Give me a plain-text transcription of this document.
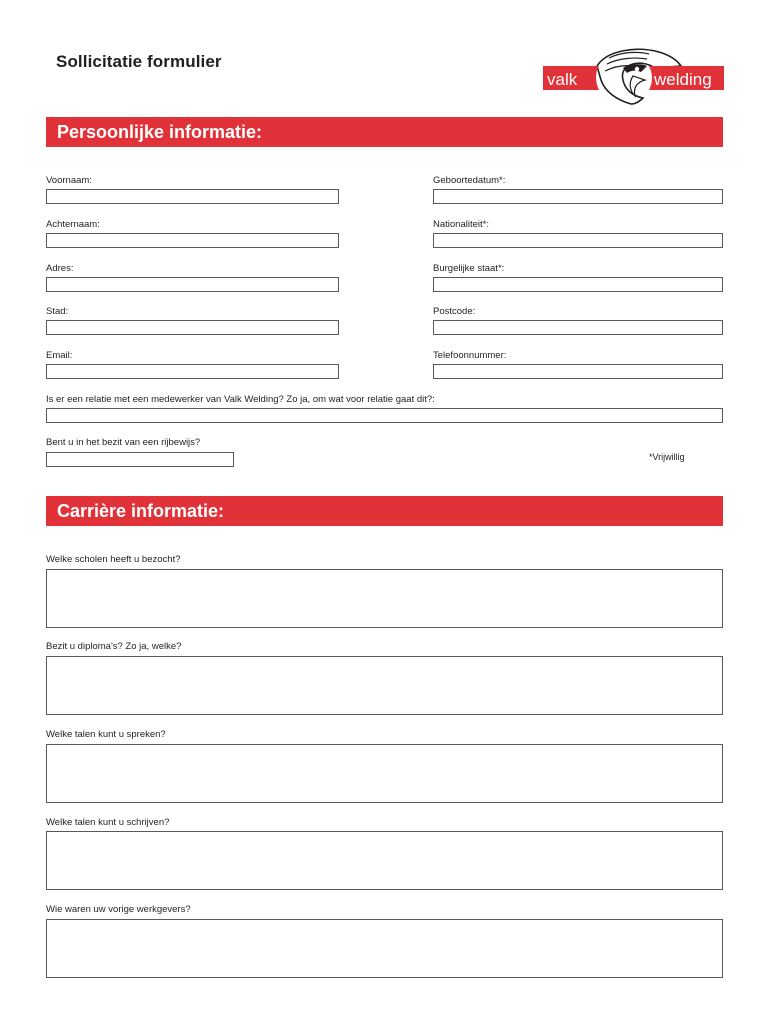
Sollicitatie formulier
valk	welding
Persoonlijke informatie:
Voornaam:	Geboortedatum*:
Achternaam:	Nationaliteit*:
Adres:	Burgelijke staat*:
Stad:	Postcode:
Email:	Telefoonnummer:
Is er een relatie met een medewerker van Valk Welding? Zo ja, om wat voor relatie gaat dit?:
Bent u in het bezit van een rijbewijs?
*Vrijwillig
Carrière informatie:
Welke scholen heeft u bezocht?
Bezit u diploma's? Zo ja, welke?
Welke talen kunt u spreken?
Welke talen kunt u schrijven?
Wie waren uw vorige werkgevers?
